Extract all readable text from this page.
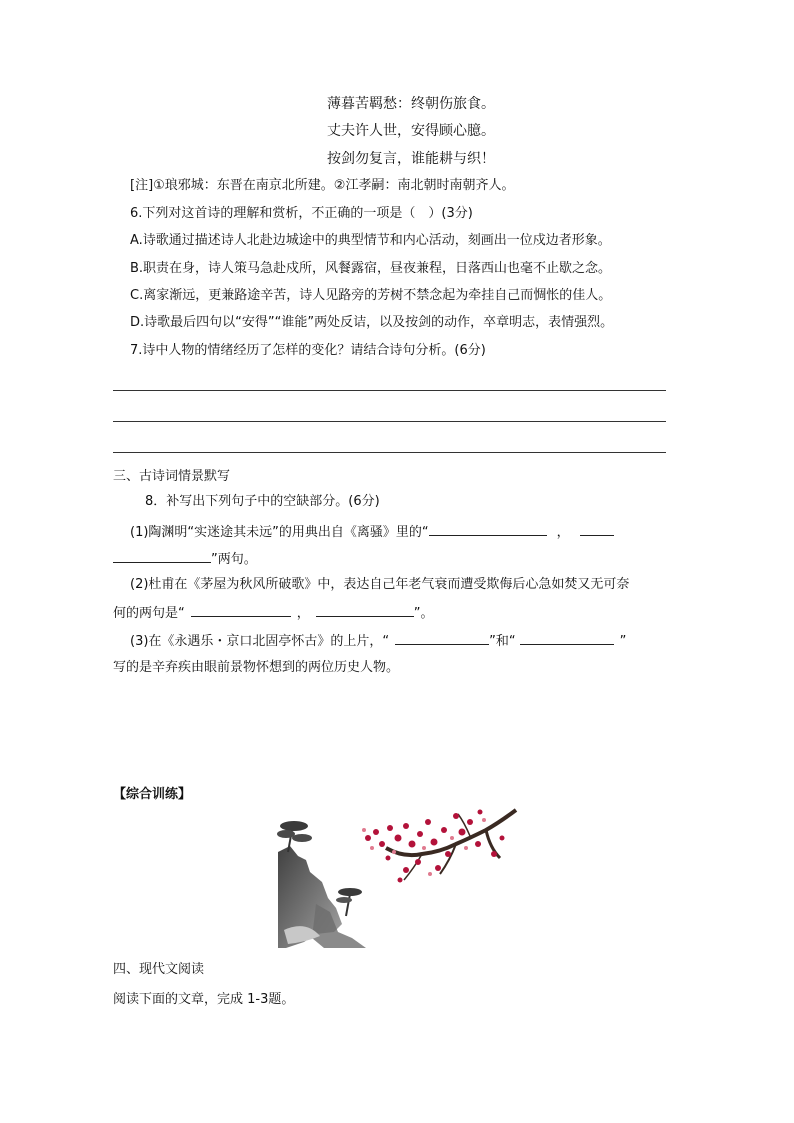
薄暮苦羁愁：终朝伤旅食。
丈夫许人世，安得顾心臆。
按剑勿复言，谁能耕与织！
[注]①琅邪城：东晋在南京北所建。②江孝嗣：南北朝时南朝齐人。
6.下列对这首诗的理解和赏析，不正确的一项是（　）(3分)
A.诗歌通过描述诗人北赴边城途中的典型情节和内心活动，刻画出一位戍边者形象。
B.职责在身，诗人策马急赴戍所，风餐露宿，昼夜兼程，日落西山也毫不止歇之念。
C.离家渐远，更兼路途辛苦，诗人见路旁的芳树不禁念起为牵挂自己而惆怅的佳人。
D.诗歌最后四句以“安得”“谁能”两处反诘，以及按剑的动作，卒章明志，表情强烈。
7.诗中人物的情绪经历了怎样的变化？请结合诗句分析。(6分)
三、古诗词情景默写
8．补写出下列句子中的空缺部分。(6分)
(1)陶渊明“实迷途其未远”的用典出自《离骚》里的“	，
”两句。
(2)杜甫在《茅屋为秋风所破歌》中，表达自己年老气衰而遭受欺侮后心急如焚又无可奈
何的两句是“	，	”。
(3)在《永遇乐・京口北固亭怀古》的上片，“	”和“	”
写的是辛弃疾由眼前景物怀想到的两位历史人物。
【综合训练】
四、现代文阅读
阅读下面的文章，完成 1-3题。
